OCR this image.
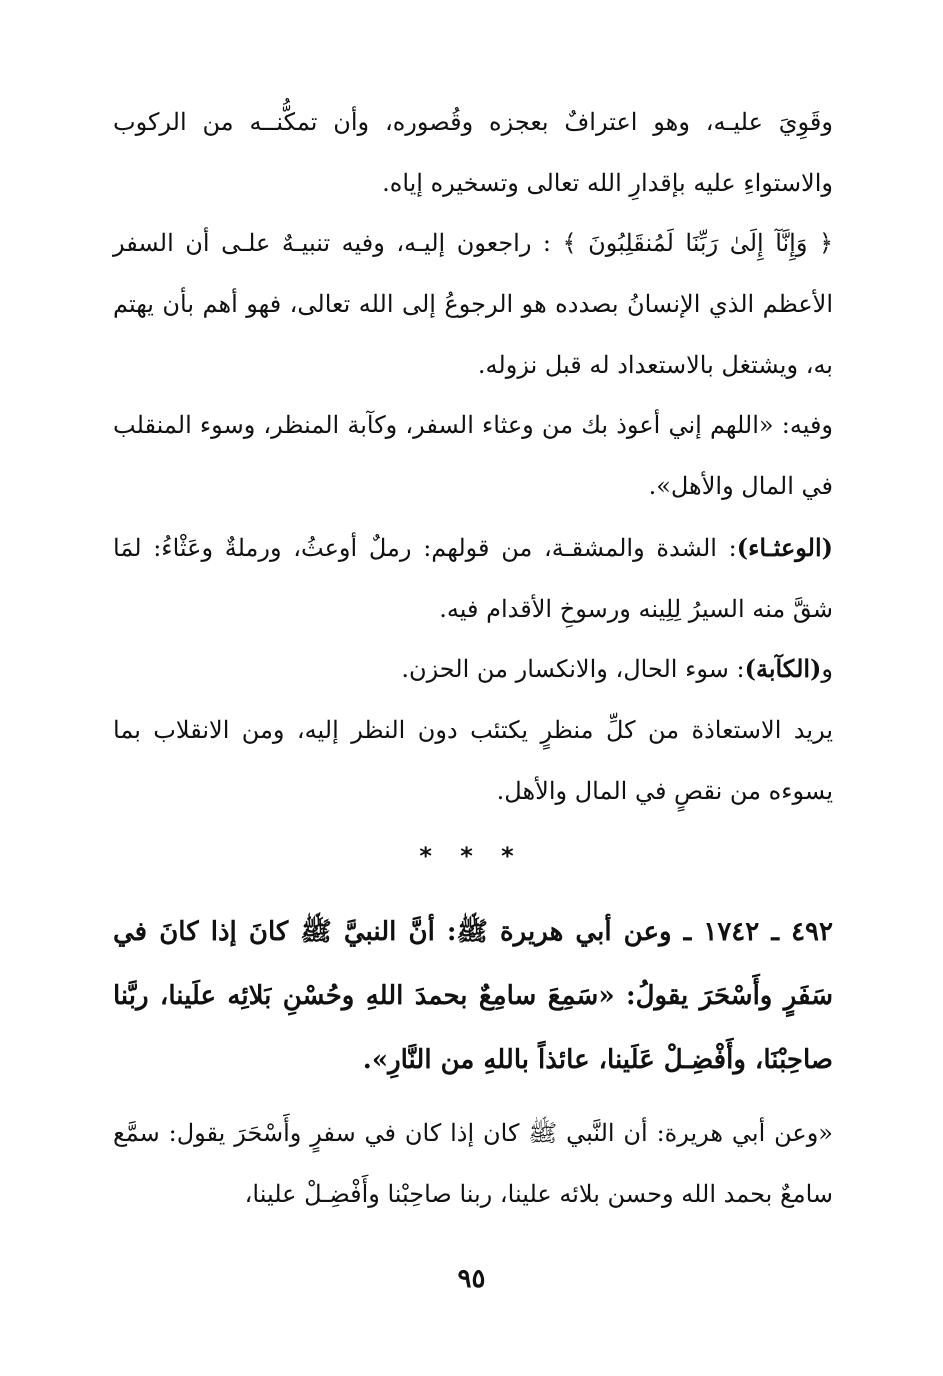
وقَوِيَ عليـه، وهو اعترافٌ بعجزه وقُصوره، وأن تمكُّنــه من الركوب والاستواءِ عليه بإقدارِ الله تعالى وتسخيره إياه.

﴿ وَإِنَّآ إِلَىٰ رَبِّنَا لَمُنقَلِبُونَ ﴾ : راجعون إليـه، وفيه تنبيـهٌ علـى أن السفر الأعظم الذي الإنسانُ بصدده هو الرجوعُ إلى الله تعالى، فهو أهم بأن يهتم به، ويشتغل بالاستعداد له قبل نزوله.

وفيه: «اللهم إني أعوذ بك من وعثاء السفر، وكآبة المنظر، وسوء المنقلب في المال والأهل».

(الوعثـاء): الشدة والمشقـة، من قولهم: رملٌ أوعثُ، ورملةٌ وعَثْاءُ: لمَا شقَّ منه السيرُ لِلِينه ورسوخِ الأقدام فيه.

و(الكآبة): سوء الحال، والانكسار من الحزن.

يريد الاستعاذة من كلِّ منظرٍ يكتئب دون النظر إليه، ومن الانقلاب بما يسوءه من نقصٍ في المال والأهل.

* * *

٤٩٢ ـ ١٧٤٢ ـ وعن أبي هريرة ﷺ: أنَّ النبيَّ ﷺ كانَ إذا كانَ في سَفَرٍ وأَسْحَرَ يقولُ: «سَمِعَ سامِعٌ بحمدَ اللهِ وحُسْنِ بَلائِه علَينا، ربَّنا صاحِبْنَا، وأَفْضِـلْ عَلَينا، عائذاً باللهِ من النَّارِ».

«وعن أبي هريرة: أن النَّبي ﷺ كان إذا كان في سفرٍ وأَسْحَرَ يقول: سمَّع سامعٌ بحمد الله وحسن بلائه علينا، ربنا صاحِبْنا وأَفْضِـلْ علينا،

٩٥
